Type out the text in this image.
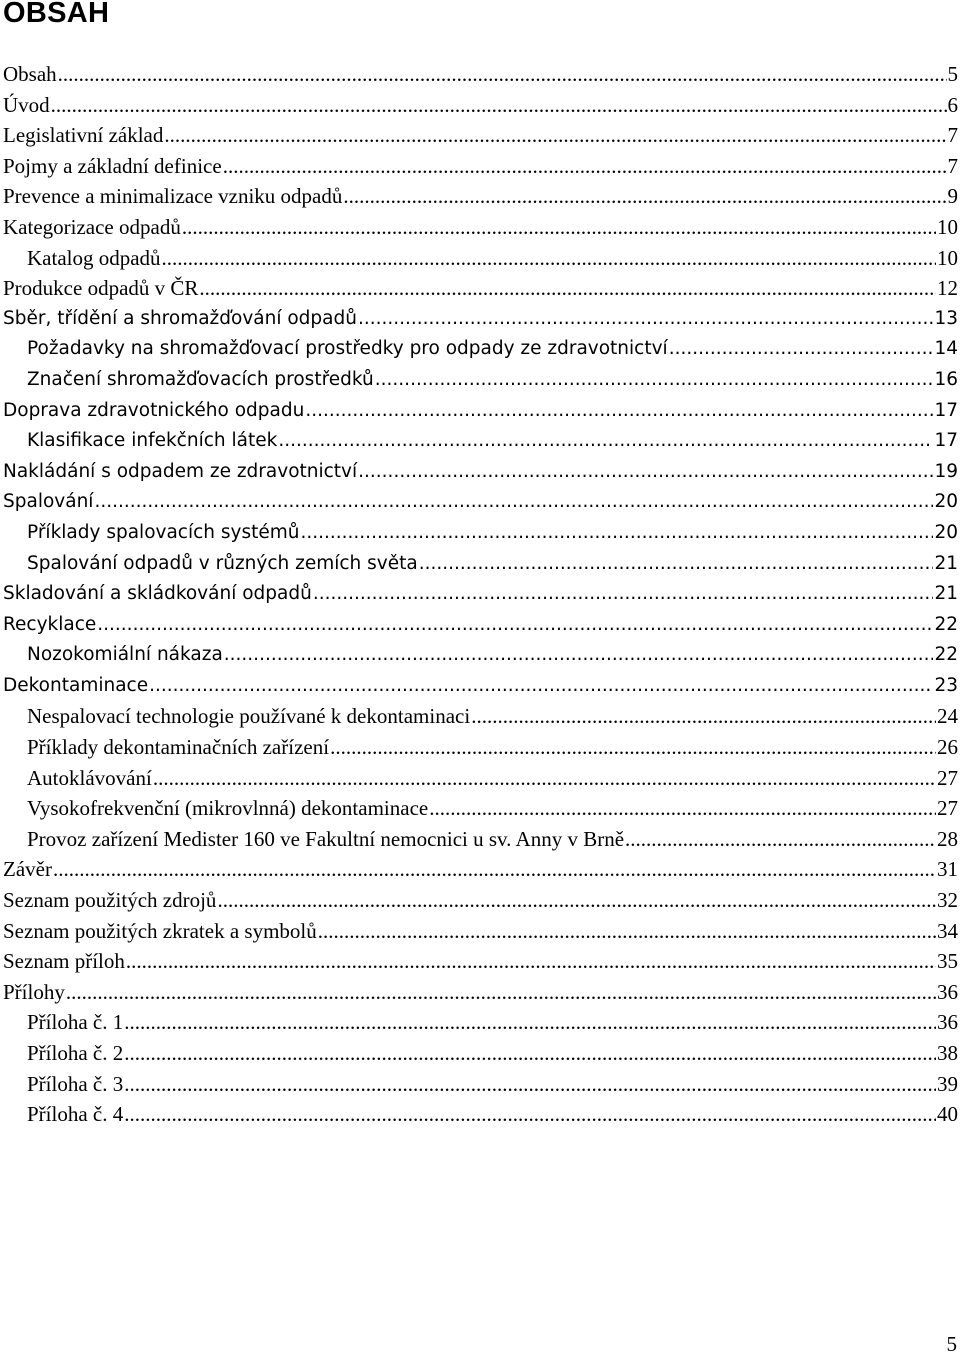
OBSAH
Obsah .....	5
Úvod .....	6
Legislativní základ .....	7
Pojmy a základní definice .....	7
Prevence a minimalizace vzniku odpadů .....	9
Kategorizace odpadů .....	10
Katalog odpadů .....	10
Produkce odpadů v ČR .....	12
Sběr, třídění a shromažďování odpadů .....	13
Požadavky na shromažďovací prostředky pro odpady ze zdravotnictví .....	14
Značení shromažďovacích prostředků .....	16
Doprava zdravotnického odpadu .....	17
Klasifikace infekčních látek .....	17
Nakládání s odpadem ze zdravotnictví .....	19
Spalování .....	20
Příklady spalovacích systémů .....	20
Spalování odpadů v různých zemích světa .....	21
Skladování a skládkování odpadů .....	21
Recyklace .....	22
Nozokomiální nákaza .....	22
Dekontaminace .....	23
Nespalovací technologie používané k dekontaminaci .....	24
Příklady dekontaminačních zařízení .....	26
Autoklávování .....	27
Vysokofrekvenční (mikrovlnná) dekontaminace .....	27
Provoz zařízení Medister 160 ve Fakultní nemocnici u sv. Anny v Brně .....	28
Závěr .....	31
Seznam použitých zdrojů .....	32
Seznam použitých zkratek a symbolů .....	34
Seznam příloh .....	35
Přílohy .....	36
Příloha č. 1 .....	36
Příloha č. 2 .....	38
Příloha č. 3 .....	39
Příloha č. 4 .....	40
5
